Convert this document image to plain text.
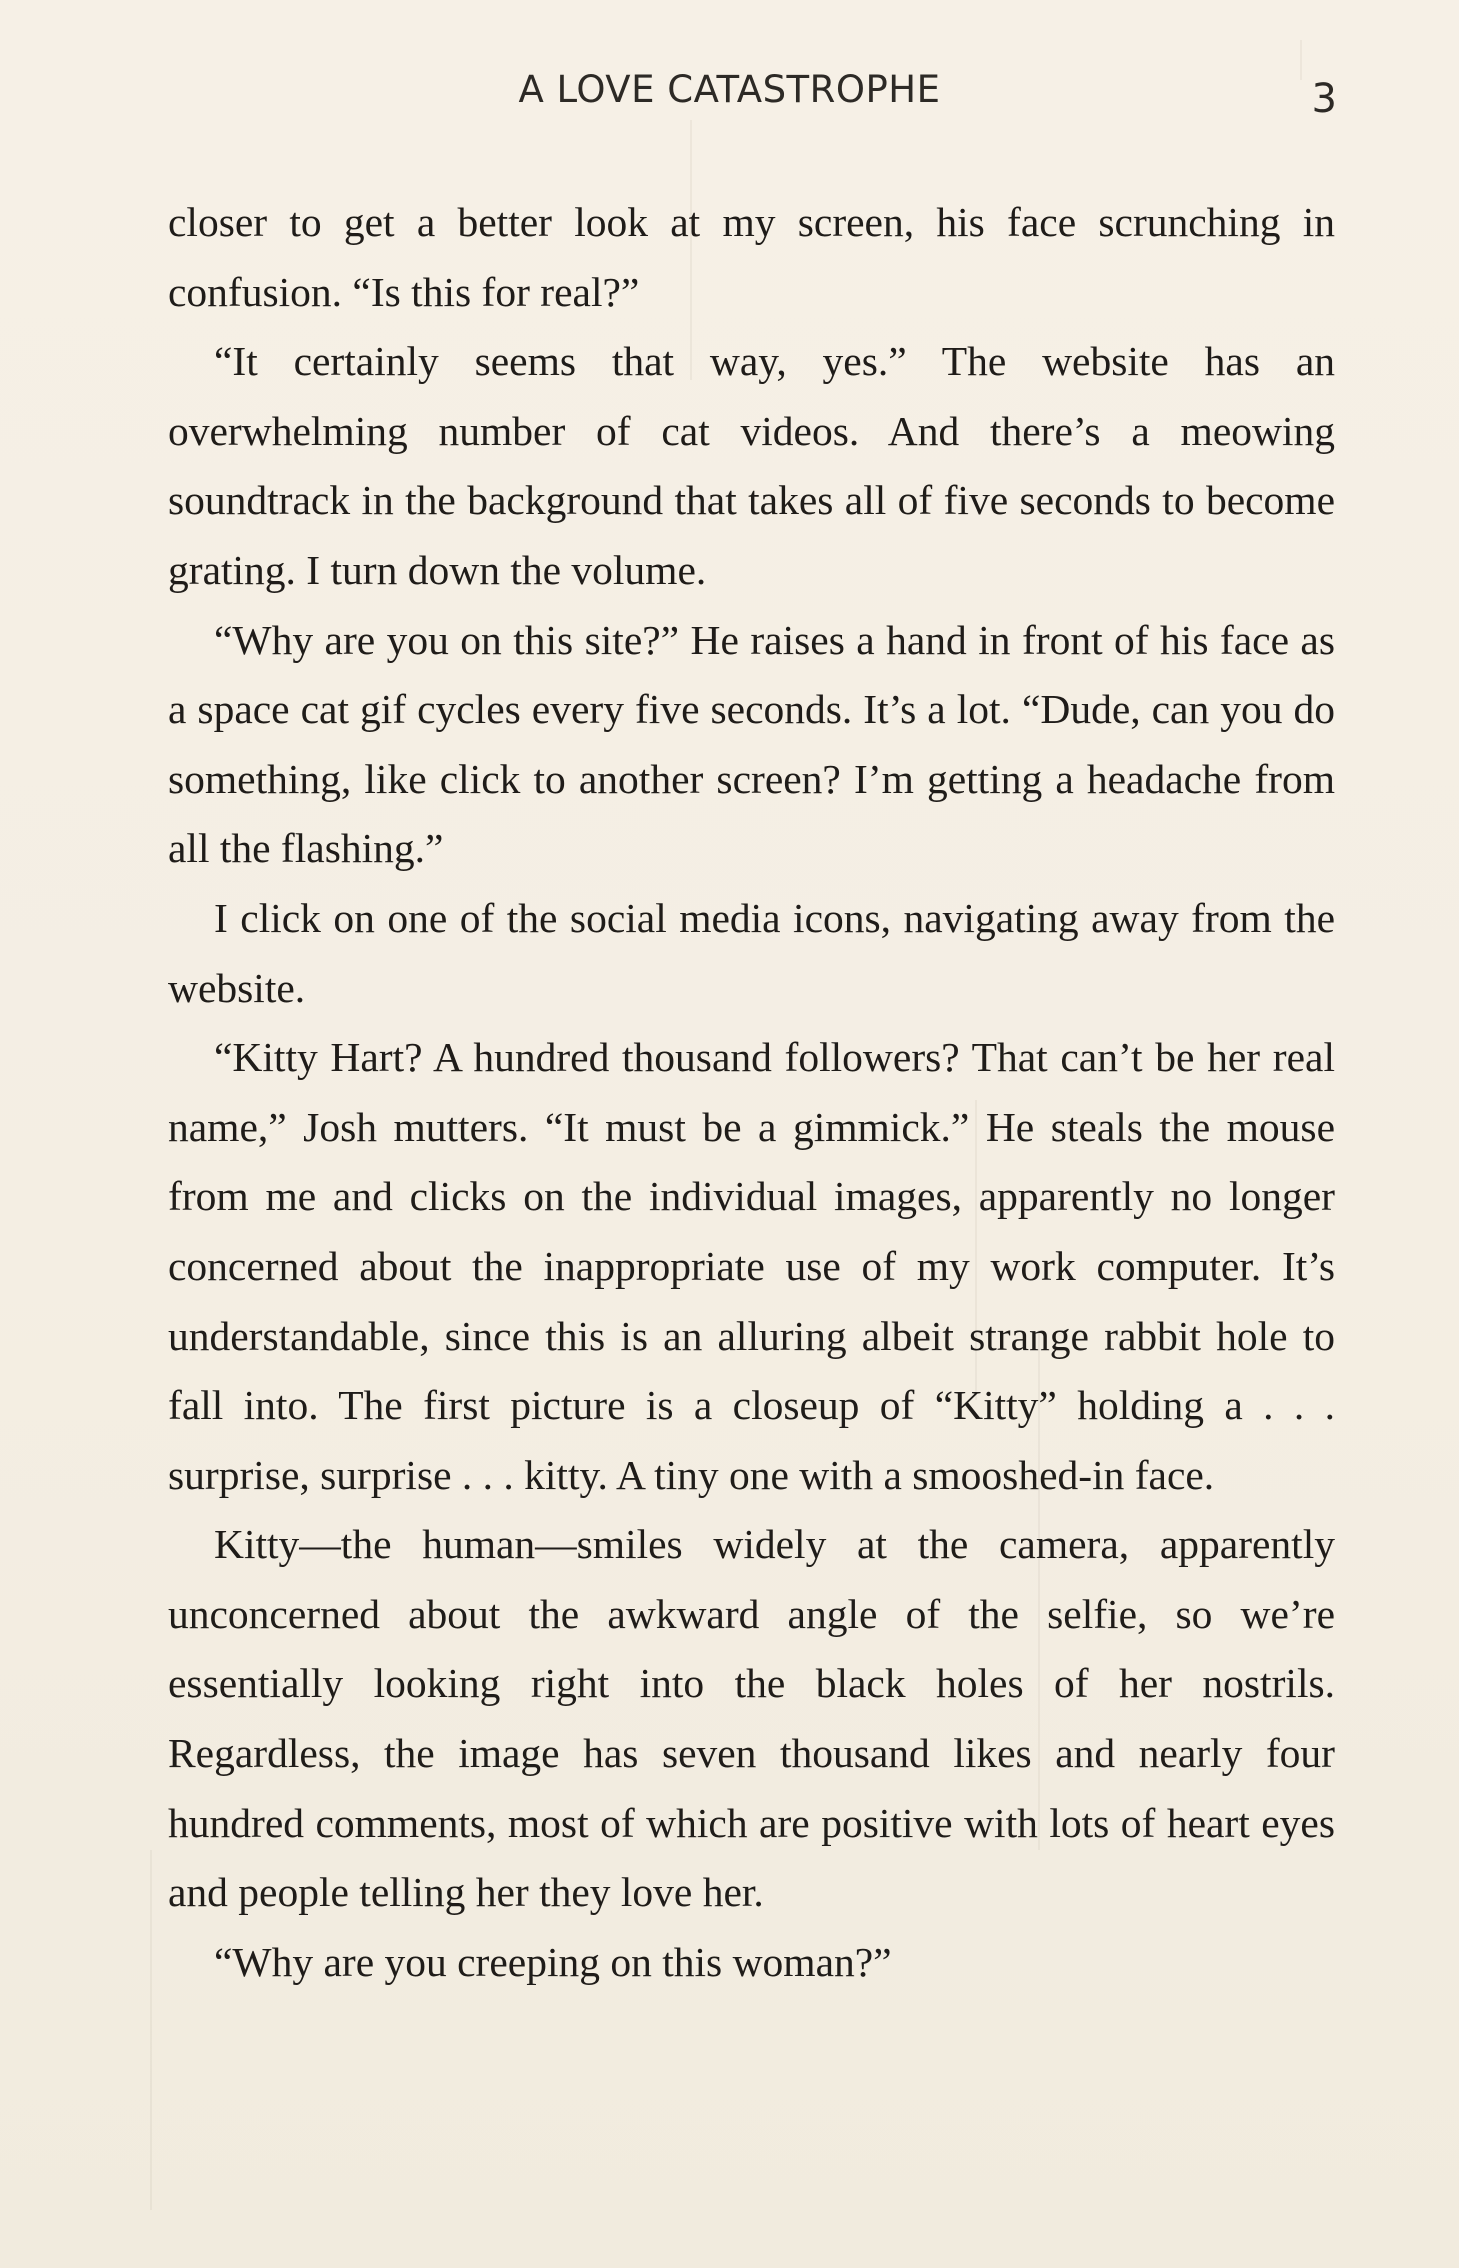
A LOVE CATASTROPHE	3

closer to get a better look at my screen, his face scrunching in confusion. “Is this for real?”

“It certainly seems that way, yes.” The website has an overwhelming number of cat videos. And there’s a meowing soundtrack in the background that takes all of five seconds to become grating. I turn down the volume.

“Why are you on this site?” He raises a hand in front of his face as a space cat gif cycles every five seconds. It’s a lot. “Dude, can you do something, like click to another screen? I’m getting a headache from all the flashing.”

I click on one of the social media icons, navigating away from the website.

“Kitty Hart? A hundred thousand followers? That can’t be her real name,” Josh mutters. “It must be a gimmick.” He steals the mouse from me and clicks on the individual images, apparently no longer concerned about the inappropriate use of my work computer. It’s understandable, since this is an alluring albeit strange rabbit hole to fall into. The first picture is a closeup of “Kitty” holding a . . . surprise, surprise . . . kitty. A tiny one with a smooshed-in face.

Kitty—the human—smiles widely at the camera, apparently unconcerned about the awkward angle of the selfie, so we’re essentially looking right into the black holes of her nostrils. Regardless, the image has seven thousand likes and nearly four hundred comments, most of which are positive with lots of heart eyes and people telling her they love her.

“Why are you creeping on this woman?”
